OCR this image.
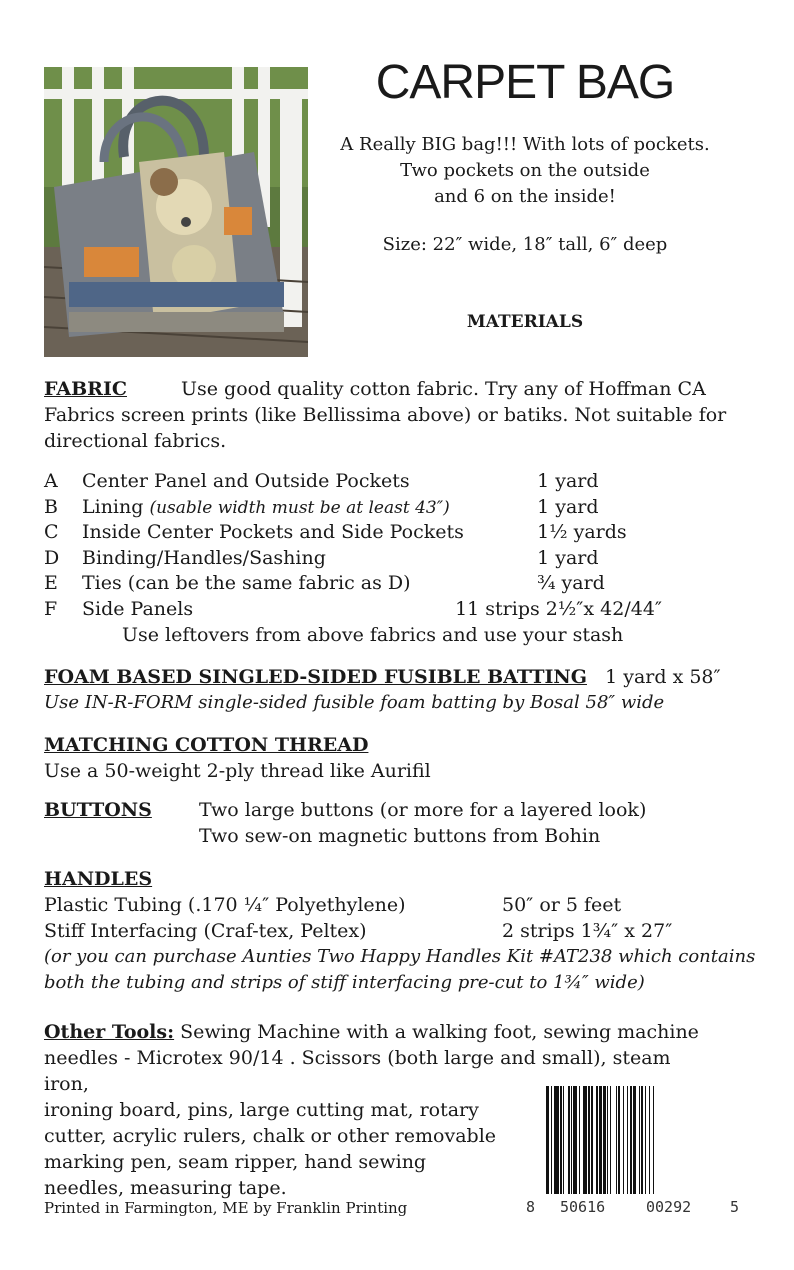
CARPET BAG
A Really BIG bag!!! With lots of pockets.
Two pockets on the outside
and 6 on the inside!
Size: 22″ wide, 18″ tall, 6″ deep
MATERIALS
FABRIC	Use good quality cotton fabric. Try any of Hoffman CA Fabrics screen prints (like Bellissima above) or batiks. Not suitable for directional fabrics.
A	Center Panel and Outside Pockets	1 yard
B	Lining (usable width must be at least 43″)	1 yard
C	Inside Center Pockets and Side Pockets	1½ yards
D	Binding/Handles/Sashing	1 yard
E	Ties (can be the same fabric as D)	¾ yard
F	Side Panels	11 strips 2½″x 42/44″
Use leftovers from above fabrics and use your stash
FOAM BASED SINGLED-SIDED FUSIBLE BATTING 1 yard x 58″
Use IN-R-FORM single-sided fusible foam batting by Bosal 58″ wide
MATCHING COTTON THREAD
Use a 50-weight 2-ply thread like Aurifil
BUTTONS Two large buttons (or more for a layered look)
Two sew-on magnetic buttons from Bohin
HANDLES
Plastic Tubing (.170 ¼″ Polyethylene)	50″ or 5 feet
Stiff Interfacing (Craf-tex, Peltex)	2 strips 1¾″ x 27″
(or you can purchase Aunties Two Happy Handles Kit #AT238 which contains both the tubing and strips of stiff interfacing pre-cut to 1¾″ wide)
Other Tools: Sewing Machine with a walking foot, sewing machine
needles - Microtex 90/14 . Scissors (both large and small), steam iron,
ironing board, pins, large cutting mat, rotary cutter, acrylic rulers, chalk or other removable marking pen, seam ripper, hand sewing needles, measuring tape.
Printed in Farmington, ME by Franklin Printing	8 50616	00292	5
